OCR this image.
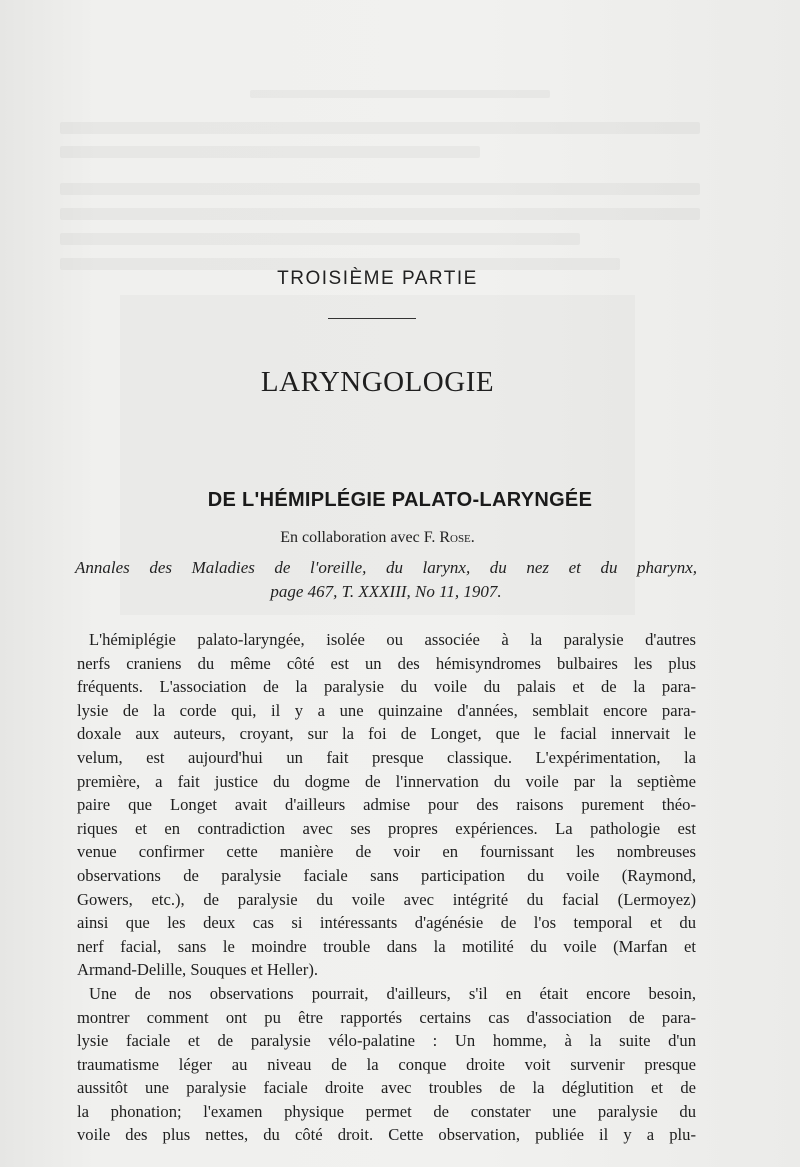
TROISIÈME PARTIE
LARYNGOLOGIE
DE L'HÉMIPLÉGIE PALATO-LARYNGÉE
En collaboration avec F. Rose.
Annales des Maladies de l'oreille, du larynx, du nez et du pharynx,
page 467, T. XXXIII, No 11, 1907.
L'hémiplégie palato-laryngée, isolée ou associée à la paralysie d'autres
nerfs craniens du même côté est un des hémisyndromes bulbaires les plus
fréquents. L'association de la paralysie du voile du palais et de la para-
lysie de la corde qui, il y a une quinzaine d'années, semblait encore para-
doxale aux auteurs, croyant, sur la foi de Longet, que le facial innervait le
velum, est aujourd'hui un fait presque classique. L'expérimentation, la
première, a fait justice du dogme de l'innervation du voile par la septième
paire que Longet avait d'ailleurs admise pour des raisons purement théo-
riques et en contradiction avec ses propres expériences. La pathologie est
venue confirmer cette manière de voir en fournissant les nombreuses
observations de paralysie faciale sans participation du voile (Raymond,
Gowers, etc.), de paralysie du voile avec intégrité du facial (Lermoyez)
ainsi que les deux cas si intéressants d'agénésie de l'os temporal et du
nerf facial, sans le moindre trouble dans la motilité du voile (Marfan et
Armand-Delille, Souques et Heller).
Une de nos observations pourrait, d'ailleurs, s'il en était encore besoin,
montrer comment ont pu être rapportés certains cas d'association de para-
lysie faciale et de paralysie vélo-palatine : Un homme, à la suite d'un
traumatisme léger au niveau de la conque droite voit survenir presque
aussitôt une paralysie faciale droite avec troubles de la déglutition et de
la phonation; l'examen physique permet de constater une paralysie du
voile des plus nettes, du côté droit. Cette observation, publiée il y a plu-
